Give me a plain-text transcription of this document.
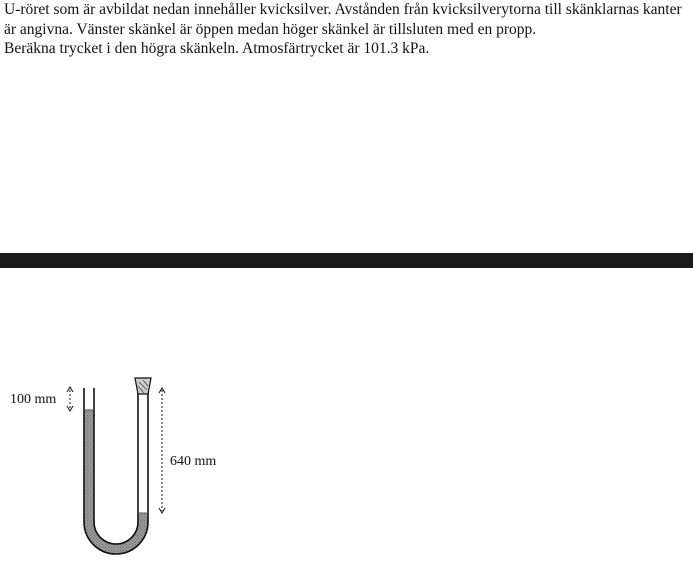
U-röret som är avbildat nedan innehåller kvicksilver. Avstånden från kvicksilverytorna till skänklarnas kanter är angivna. Vänster skänkel är öppen medan höger skänkel är tillsluten med en propp.

Beräkna trycket i den högra skänkeln. Atmosfärtrycket är 101.3 kPa.

100 mm
640 mm
